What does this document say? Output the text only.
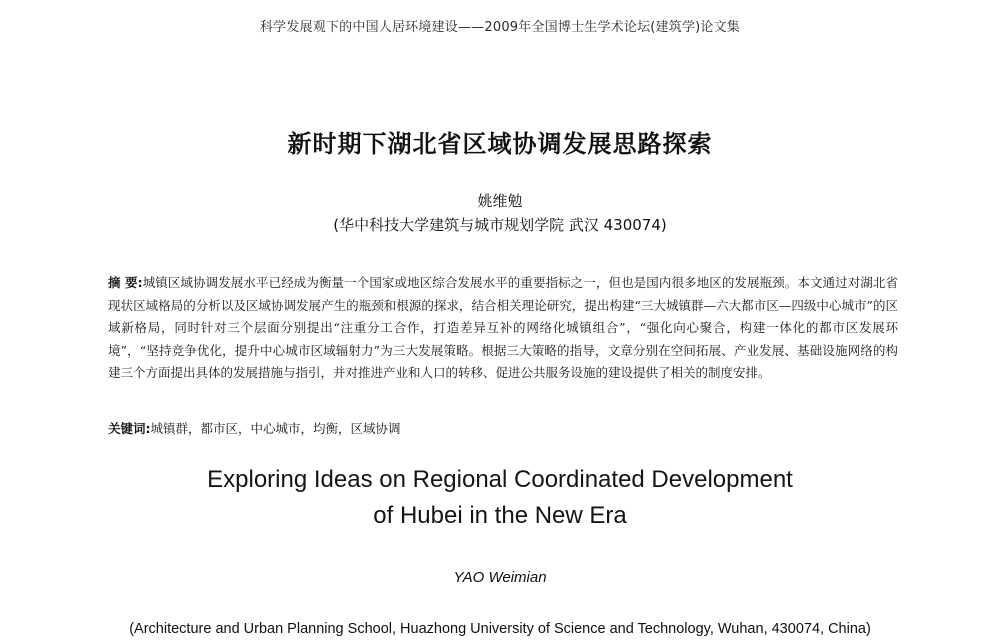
科学发展观下的中国人居环境建设——2009年全国博士生学术论坛(建筑学)论文集
新时期下湖北省区域协调发展思路探索
姚维勉
(华中科技大学建筑与城市规划学院 武汉 430074)
摘 要:城镇区域协调发展水平已经成为衡量一个国家或地区综合发展水平的重要指标之一，但也是国内很多地区的发展瓶颈。本文通过对湖北省现状区域格局的分析以及区域协调发展产生的瓶颈和根源的探求，结合相关理论研究，提出构建“三大城镇群—六大都市区—四级中心城市”的区域新格局，同时针对三个层面分别提出“注重分工合作，打造差异互补的网络化城镇组合”，“强化向心聚合，构建一体化的都市区发展环境”，“坚持竞争优化，提升中心城市区域辐射力”为三大发展策略。根据三大策略的指导，文章分别在空间拓展、产业发展、基础设施网络的构建三个方面提出具体的发展措施与指引，并对推进产业和人口的转移、促进公共服务设施的建设提供了相关的制度安排。
关键词:城镇群，都市区，中心城市，均衡，区域协调
Exploring Ideas on Regional Coordinated Development
of Hubei in the New Era
YAO Weimian
(Architecture and Urban Planning School, Huazhong University of Science and Technology, Wuhan, 430074, China)
